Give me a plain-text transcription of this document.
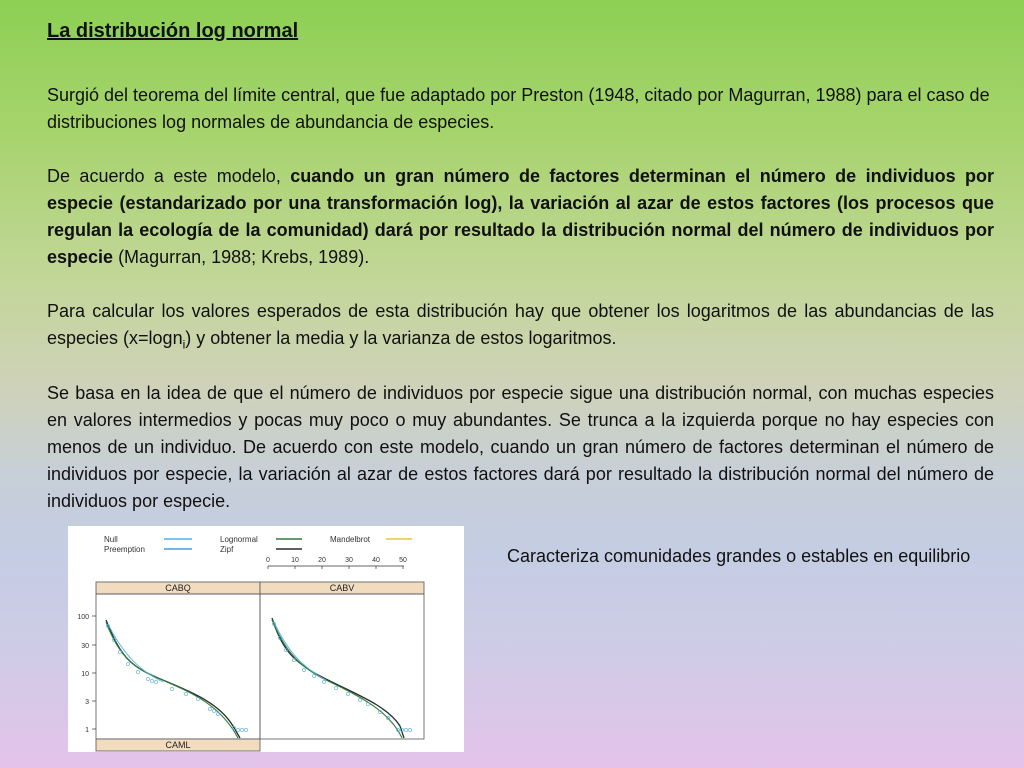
La distribución log normal

Surgió del teorema del límite central, que fue adaptado por Preston (1948, citado por Magurran, 1988) para el caso de distribuciones log normales de abundancia de especies.

De acuerdo a este modelo, cuando un gran número de factores determinan el número de individuos por especie (estandarizado por una transformación log), la variación al azar de estos factores (los procesos que regulan la ecología de la comunidad) dará por resultado la distribución normal del número de individuos por especie (Magurran, 1988; Krebs, 1989).

Para calcular los valores esperados de esta distribución hay que obtener los logaritmos de las abundancias de las especies (x=logn$_i$) y obtener la media y la varianza de estos logaritmos.

Se basa en la idea de que el número de individuos por especie sigue una distribución normal, con muchas especies en valores intermedios y pocas muy poco o muy abundantes. Se trunca a la izquierda porque no hay especies con menos de un individuo. De acuerdo con este modelo, cuando un gran número de factores determinan el número de individuos por especie, la variación al azar de estos factores dará por resultado la distribución normal del número de individuos por especie.

Caracteriza comunidades grandes o estables en equilibrio

Null
Preemption
Lognormal
Zipf
Mandelbrot
0	10	20	30	40	50
CABQ	CABV
CAML
100
30
10
3
1
